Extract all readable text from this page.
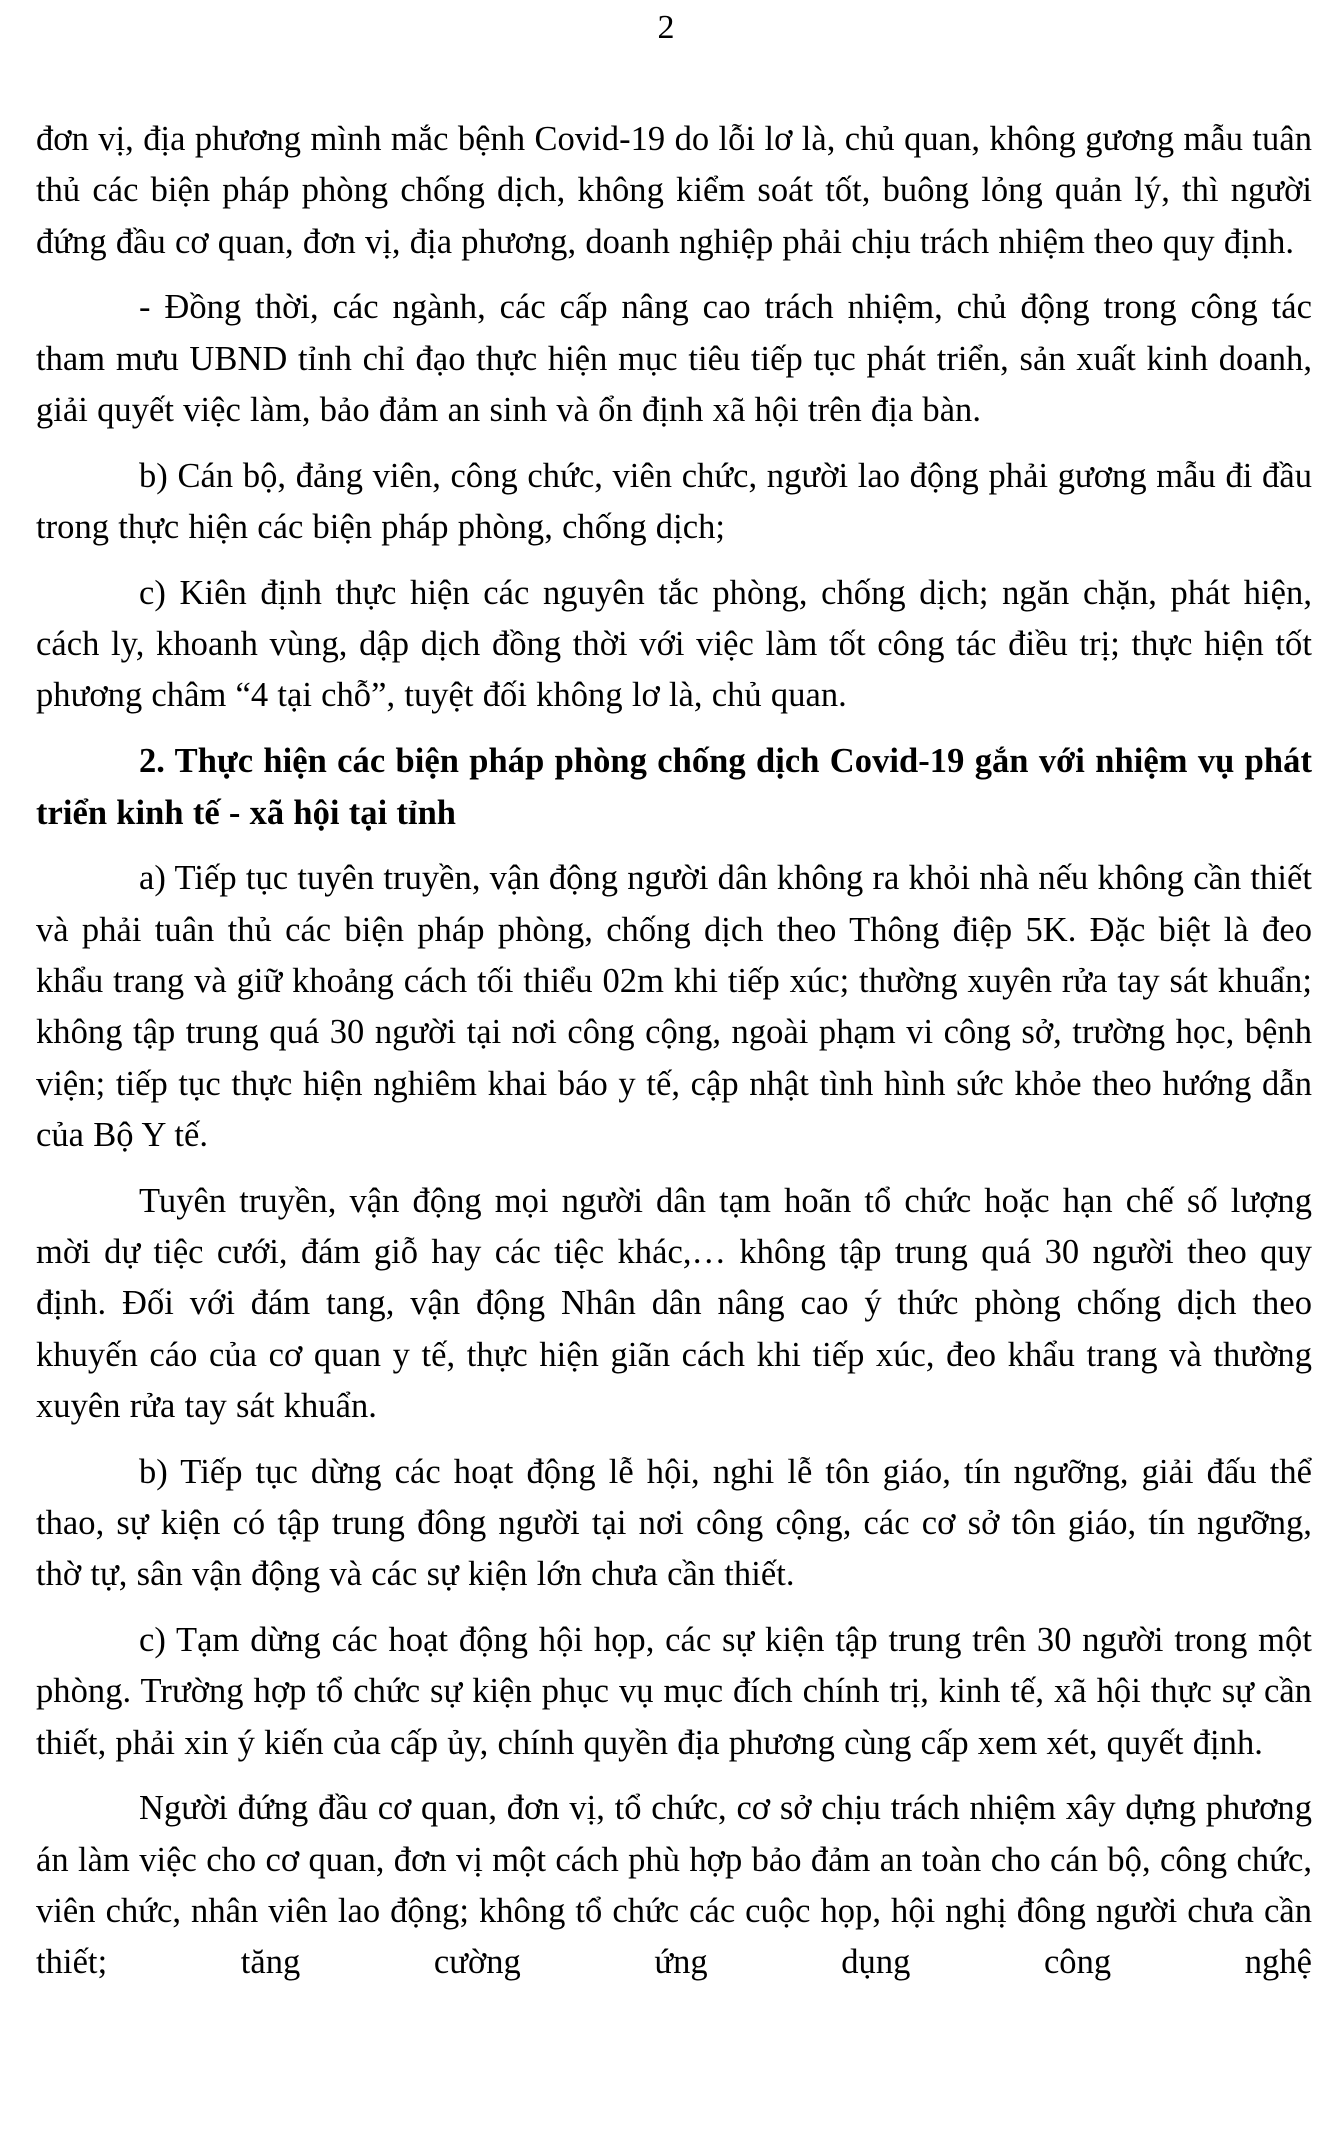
2

đơn vị, địa phương mình mắc bệnh Covid-19 do lỗi lơ là, chủ quan, không gương mẫu tuân thủ các biện pháp phòng chống dịch, không kiểm soát tốt, buông lỏng quản lý, thì người đứng đầu cơ quan, đơn vị, địa phương, doanh nghiệp phải chịu trách nhiệm theo quy định.

- Đồng thời, các ngành, các cấp nâng cao trách nhiệm, chủ động trong công tác tham mưu UBND tỉnh chỉ đạo thực hiện mục tiêu tiếp tục phát triển, sản xuất kinh doanh, giải quyết việc làm, bảo đảm an sinh và ổn định xã hội trên địa bàn.

b) Cán bộ, đảng viên, công chức, viên chức, người lao động phải gương mẫu đi đầu trong thực hiện các biện pháp phòng, chống dịch;

c) Kiên định thực hiện các nguyên tắc phòng, chống dịch; ngăn chặn, phát hiện, cách ly, khoanh vùng, dập dịch đồng thời với việc làm tốt công tác điều trị; thực hiện tốt phương châm “4 tại chỗ”, tuyệt đối không lơ là, chủ quan.

2. Thực hiện các biện pháp phòng chống dịch Covid-19 gắn với nhiệm vụ phát triển kinh tế - xã hội tại tỉnh

a) Tiếp tục tuyên truyền, vận động người dân không ra khỏi nhà nếu không cần thiết và phải tuân thủ các biện pháp phòng, chống dịch theo Thông điệp 5K. Đặc biệt là đeo khẩu trang và giữ khoảng cách tối thiểu 02m khi tiếp xúc; thường xuyên rửa tay sát khuẩn; không tập trung quá 30 người tại nơi công cộng, ngoài phạm vi công sở, trường học, bệnh viện; tiếp tục thực hiện nghiêm khai báo y tế, cập nhật tình hình sức khỏe theo hướng dẫn của Bộ Y tế.

Tuyên truyền, vận động mọi người dân tạm hoãn tổ chức hoặc hạn chế số lượng mời dự tiệc cưới, đám giỗ hay các tiệc khác,… không tập trung quá 30 người theo quy định. Đối với đám tang, vận động Nhân dân nâng cao ý thức phòng chống dịch theo khuyến cáo của cơ quan y tế, thực hiện giãn cách khi tiếp xúc, đeo khẩu trang và thường xuyên rửa tay sát khuẩn.

b) Tiếp tục dừng các hoạt động lễ hội, nghi lễ tôn giáo, tín ngưỡng, giải đấu thể thao, sự kiện có tập trung đông người tại nơi công cộng, các cơ sở tôn giáo, tín ngưỡng, thờ tự, sân vận động và các sự kiện lớn chưa cần thiết.

c) Tạm dừng các hoạt động hội họp, các sự kiện tập trung trên 30 người trong một phòng. Trường hợp tổ chức sự kiện phục vụ mục đích chính trị, kinh tế, xã hội thực sự cần thiết, phải xin ý kiến của cấp ủy, chính quyền địa phương cùng cấp xem xét, quyết định.

Người đứng đầu cơ quan, đơn vị, tổ chức, cơ sở chịu trách nhiệm xây dựng phương án làm việc cho cơ quan, đơn vị một cách phù hợp bảo đảm an toàn cho cán bộ, công chức, viên chức, nhân viên lao động; không tổ chức các cuộc họp, hội nghị đông người chưa cần thiết; tăng cường ứng dụng công nghệ
